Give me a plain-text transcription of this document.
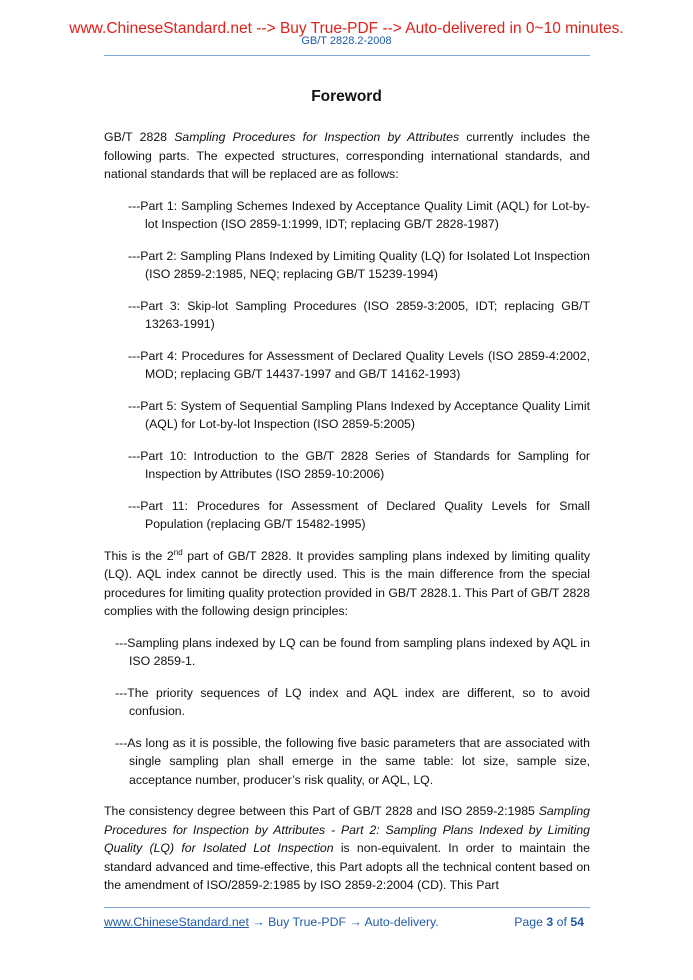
www.ChineseStandard.net --> Buy True-PDF --> Auto-delivered in 0~10 minutes.
GB/T 2828.2-2008
Foreword

GB/T 2828 Sampling Procedures for Inspection by Attributes currently includes the following parts. The expected structures, corresponding international standards, and national standards that will be replaced are as follows:

---Part 1: Sampling Schemes Indexed by Acceptance Quality Limit (AQL) for Lot-by-lot Inspection (ISO 2859-1:1999, IDT; replacing GB/T 2828-1987)

---Part 2: Sampling Plans Indexed by Limiting Quality (LQ) for Isolated Lot Inspection (ISO 2859-2:1985, NEQ; replacing GB/T 15239-1994)

---Part 3: Skip-lot Sampling Procedures (ISO 2859-3:2005, IDT; replacing GB/T 13263-1991)

---Part 4: Procedures for Assessment of Declared Quality Levels (ISO 2859-4:2002, MOD; replacing GB/T 14437-1997 and GB/T 14162-1993)

---Part 5: System of Sequential Sampling Plans Indexed by Acceptance Quality Limit (AQL) for Lot-by-lot Inspection (ISO 2859-5:2005)

---Part 10: Introduction to the GB/T 2828 Series of Standards for Sampling for Inspection by Attributes (ISO 2859-10:2006)

---Part 11: Procedures for Assessment of Declared Quality Levels for Small Population (replacing GB/T 15482-1995)

This is the 2nd part of GB/T 2828. It provides sampling plans indexed by limiting quality (LQ). AQL index cannot be directly used. This is the main difference from the special procedures for limiting quality protection provided in GB/T 2828.1. This Part of GB/T 2828 complies with the following design principles:

---Sampling plans indexed by LQ can be found from sampling plans indexed by AQL in ISO 2859-1.

---The priority sequences of LQ index and AQL index are different, so to avoid confusion.

---As long as it is possible, the following five basic parameters that are associated with single sampling plan shall emerge in the same table: lot size, sample size, acceptance number, producer’s risk quality, or AQL, LQ.

The consistency degree between this Part of GB/T 2828 and ISO 2859-2:1985 Sampling Procedures for Inspection by Attributes - Part 2: Sampling Plans Indexed by Limiting Quality (LQ) for Isolated Lot Inspection is non-equivalent. In order to maintain the standard advanced and time-effective, this Part adopts all the technical content based on the amendment of ISO/2859-2:1985 by ISO 2859-2:2004 (CD). This Part

www.ChineseStandard.net → Buy True-PDF → Auto-delivery.	Page 3 of 54
